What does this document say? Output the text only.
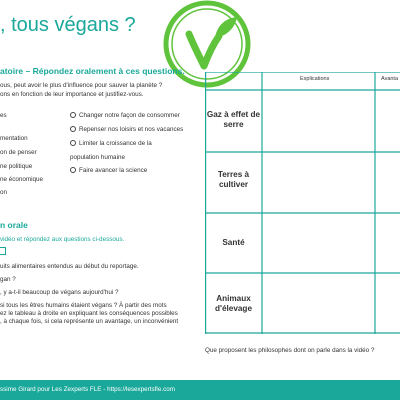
, tous végans ?
atoire – Répondez oralement à ces questions.
ous, peut avoir le plus d'influence pour sauver la planète ?
ons en fonction de leur importance et justifiez-vous.
es
mentation
on de penser
ne politique
ne économique
on
Changer notre façon de consommer
Repenser nos loisirs et nos vacances
Limiter la croissance de la
population humaine
Faire avancer la science
n orale
vidéo et répondez aux questions ci-dessous.
uits alimentaires entendus au début du reportage.
gan ?
, y a-t-il beaucoup de végans aujourd'hui ?
si tous les êtres humains étaient végans ? À partir des mots
ez le tableau à droite en expliquant les conséquences possibles
, à chaque fois, si cela représente un avantage, un inconvénient
Explications	Avanta
Gaz à effet de serre
Terres à cultiver
Santé
Animaux d'élevage
Que proposent les philosophes dont on parle dans la vidéo ?
ssime Girard pour Les Zexperts FLE - https://lesexpertsfle.com
